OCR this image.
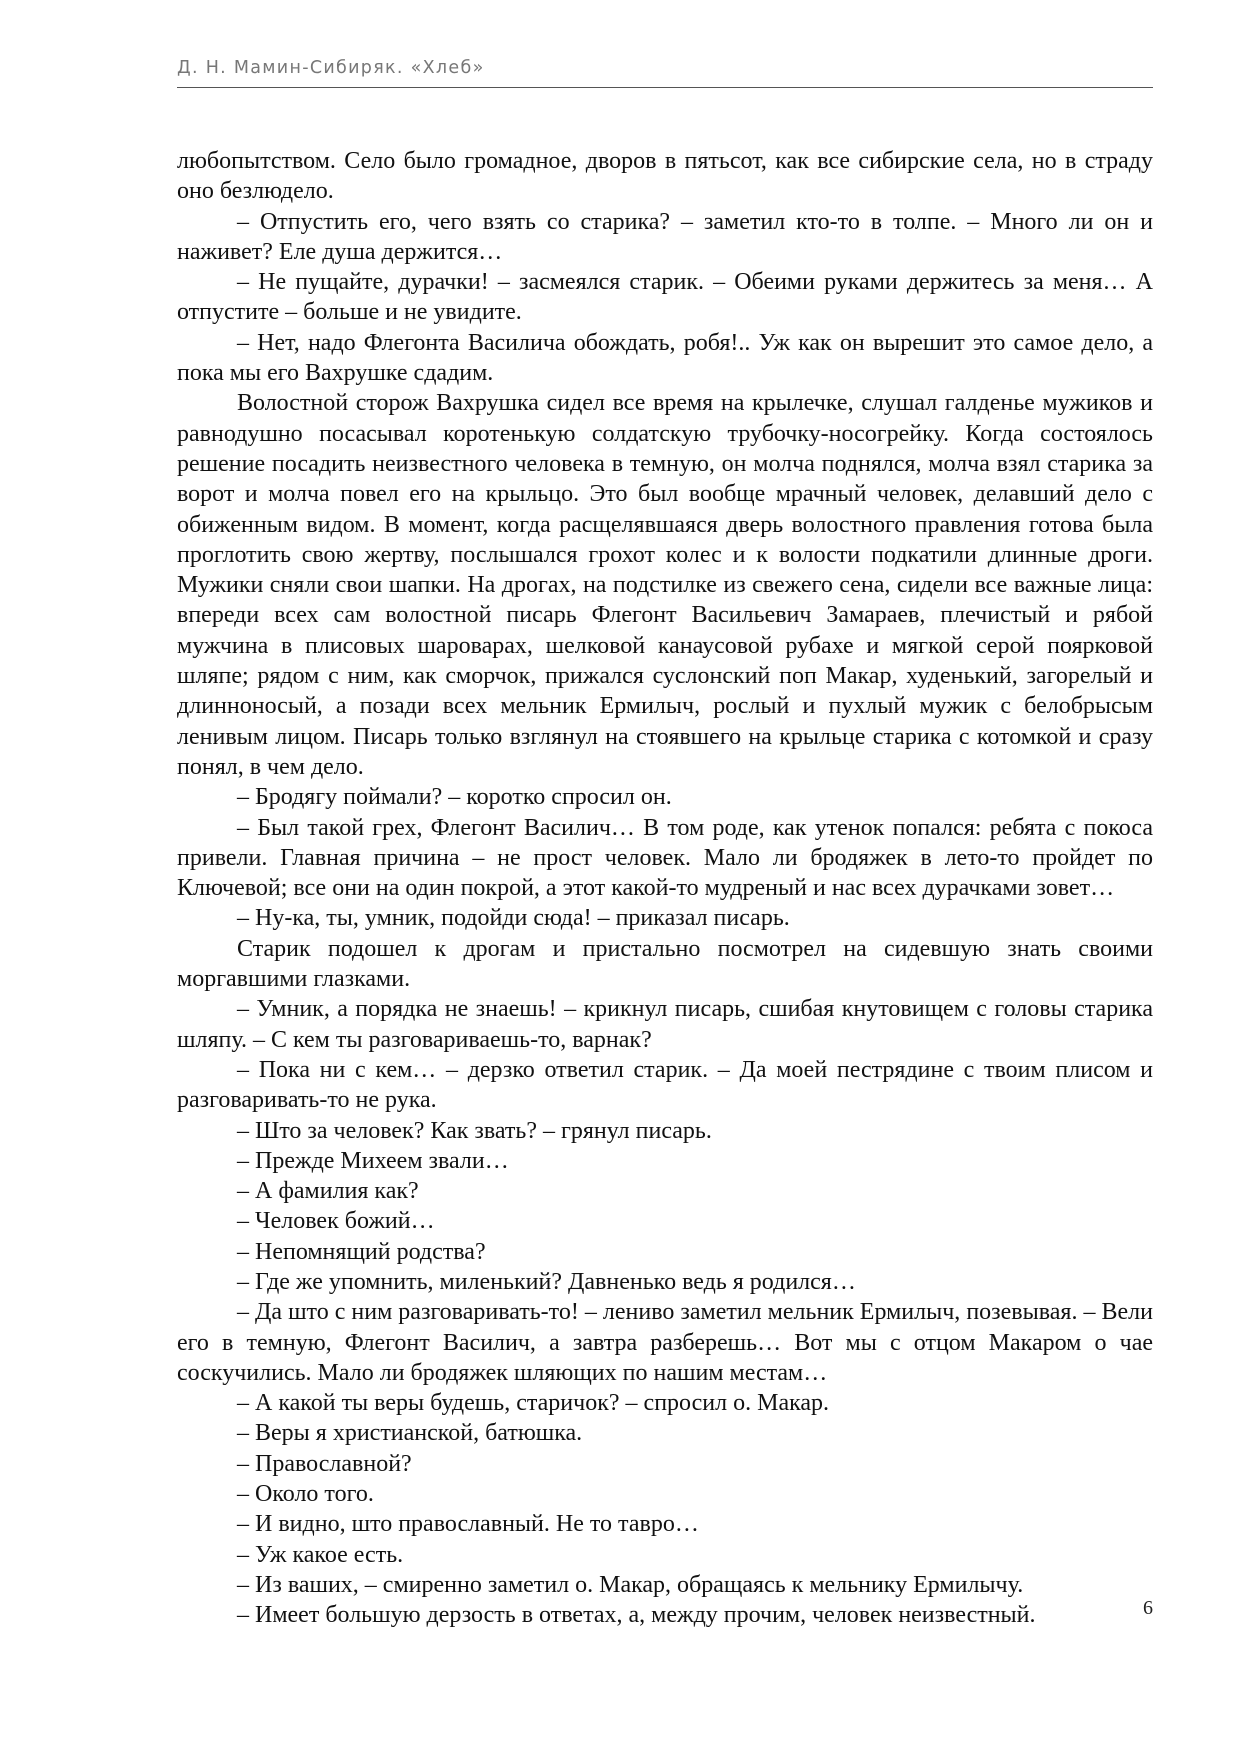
Д. Н. Мамин-Сибиряк. «Хлеб»

любопытством. Село было громадное, дворов в пятьсот, как все сибирские села, но в страду оно безлюдело.

– Отпустить его, чего взять со старика? – заметил кто-то в толпе. – Много ли он и наживет? Еле душа держится…

– Не пущайте, дурачки! – засмеялся старик. – Обеими руками держитесь за меня… А отпустите – больше и не увидите.

– Нет, надо Флегонта Василича обождать, робя!.. Уж как он вырешит это самое дело, а пока мы его Вахрушке сдадим.

Волостной сторож Вахрушка сидел все время на крылечке, слушал галденье мужиков и равнодушно посасывал коротенькую солдатскую трубочку-носогрейку. Когда состоялось решение посадить неизвестного человека в темную, он молча поднялся, молча взял старика за ворот и молча повел его на крыльцо. Это был вообще мрачный человек, делавший дело с обиженным видом. В момент, когда расщелявшаяся дверь волостного правления готова была проглотить свою жертву, послышался грохот колес и к волости подкатили длинные дроги. Мужики сняли свои шапки. На дрогах, на подстилке из свежего сена, сидели все важные лица: впереди всех сам волостной писарь Флегонт Васильевич Замараев, плечистый и рябой мужчина в плисовых шароварах, шелковой канаусовой рубахе и мягкой серой поярковой шляпе; рядом с ним, как сморчок, прижался суслонский поп Макар, худенький, загорелый и длинноносый, а позади всех мельник Ермилыч, рослый и пухлый мужик с белобрысым ленивым лицом. Писарь только взглянул на стоявшего на крыльце старика с котомкой и сразу понял, в чем дело.

– Бродягу поймали? – коротко спросил он.

– Был такой грех, Флегонт Василич… В том роде, как утенок попался: ребята с покоса привели. Главная причина – не прост человек. Мало ли бродяжек в лето-то пройдет по Ключевой; все они на один покрой, а этот какой-то мудреный и нас всех дурачками зовет…

– Ну-ка, ты, умник, подойди сюда! – приказал писарь.

Старик подошел к дрогам и пристально посмотрел на сидевшую знать своими моргавшими глазками.

– Умник, а порядка не знаешь! – крикнул писарь, сшибая кнутовищем с головы старика шляпу. – С кем ты разговариваешь-то, варнак?

– Пока ни с кем… – дерзко ответил старик. – Да моей пестрядине с твоим плисом и разговаривать-то не рука.

– Што за человек? Как звать? – грянул писарь.

– Прежде Михеем звали…

– А фамилия как?

– Человек божий…

– Непомнящий родства?

– Где же упомнить, миленький? Давненько ведь я родился…

– Да што с ним разговаривать-то! – лениво заметил мельник Ермилыч, позевывая. – Вели его в темную, Флегонт Василич, а завтра разберешь… Вот мы с отцом Макаром о чае соскучились. Мало ли бродяжек шляющих по нашим местам…

– А какой ты веры будешь, старичок? – спросил о. Макар.

– Веры я христианской, батюшка.

– Православной?

– Около того.

– И видно, што православный. Не то тавро…

– Уж какое есть.

– Из ваших, – смиренно заметил о. Макар, обращаясь к мельнику Ермилычу.

– Имеет большую дерзость в ответах, а, между прочим, человек неизвестный.	6
